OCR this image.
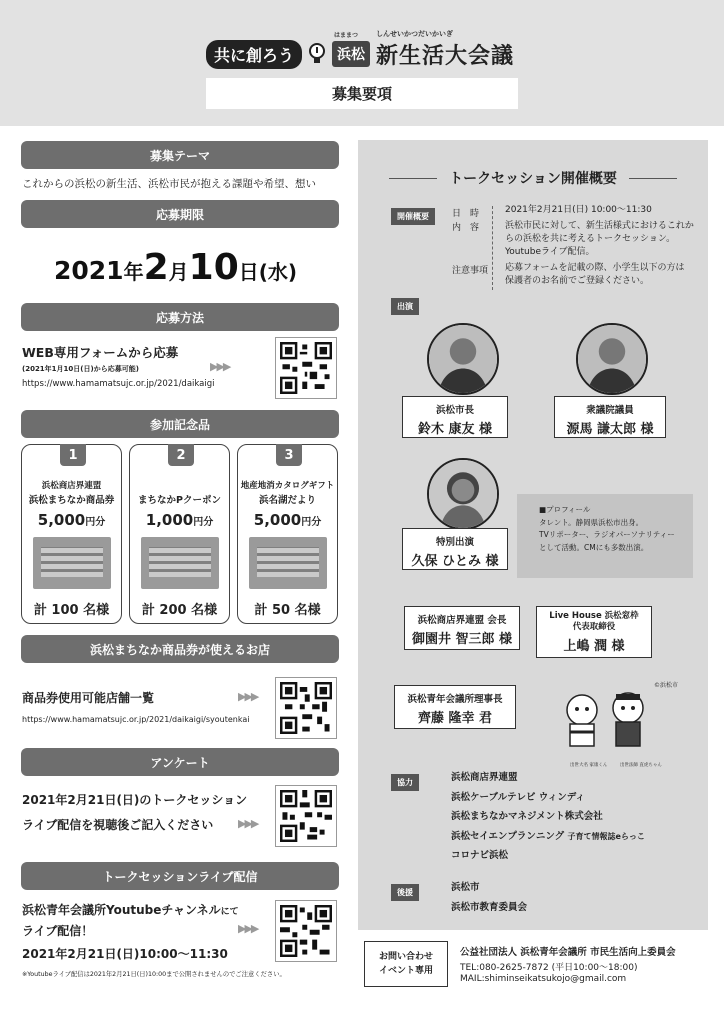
共に創ろう
はままつ
浜松
しんせいかつだいかいぎ
新生活大会議
募集要項
募集テーマ
これからの浜松の新生活、浜松市民が抱える課題や希望、想い
応募期限
2021年2月10日(水)
応募方法
WEB専用フォームから応募
(2021年1月10日(日)から応募可能)
https://www.hamamatsujc.or.jp/2021/daikaigi
▶▶▶
参加記念品
1
浜松商店界連盟
浜松まちなか商品券
5,000円分
計 100 名様
2
まちなかPクーポン
1,000円分
計 200 名様
3
地産地消カタログギフト
浜名湖だより
5,000円分
計 50 名様
浜松まちなか商品券が使えるお店
商品券使用可能店舗一覧
https://www.hamamatsujc.or.jp/2021/daikaigi/syoutenkai
▶▶▶
アンケート
2021年2月21日(日)のトークセッション
ライブ配信を視聴後ご記入ください ▶▶▶
トークセッションライブ配信
浜松青年会議所Youtubeチャンネルにて
ライブ配信！	▶▶▶
2021年2月21日(日)10:00～11:30
※Youtubeライブ配信は2021年2月21日(日)10:00まで公開されませんのでご注意ください。
トークセッション開催概要
開催概要	日　時	2021年2月21日(日) 10:00～11:30
内　容	浜松市民に対して、新生活様式におけるこれか
らの浜松を共に考えるトークセッション。
Youtubeライブ配信。
注意事項 応募フォームを記載の際、小学生以下の方は
保護者のお名前でご登録ください。
出演
浜松市長
鈴木 康友 様
衆議院議員
源馬 謙太郎 様
特別出演
久保 ひとみ 様
■プロフィール
タレント。静岡県浜松市出身。
TVリポーター、ラジオパーソナリティー
として活動。CMにも多数出演。
浜松商店界連盟 会長
御園井 智三郎 様
Live House 浜松窓枠
代表取締役
上嶋 潤 様
浜松青年会議所理事長
齊藤 隆幸 君
©浜松市
出世大名 家康くん	出世法師 直虎ちゃん
協力	浜松商店界連盟
浜松ケーブルテレビ ウィンディ
浜松まちなかマネジメント株式会社
浜松セイエンプランニング 子育て情報誌eらっこ
コロナビ浜松
後援	浜松市
浜松市教育委員会
お問い合わせ
イベント専用
公益社団法人 浜松青年会議所 市民生活向上委員会
TEL:080-2625-7872 (平日10:00～18:00)
MAIL:shiminseikatsukojo@gmail.com
